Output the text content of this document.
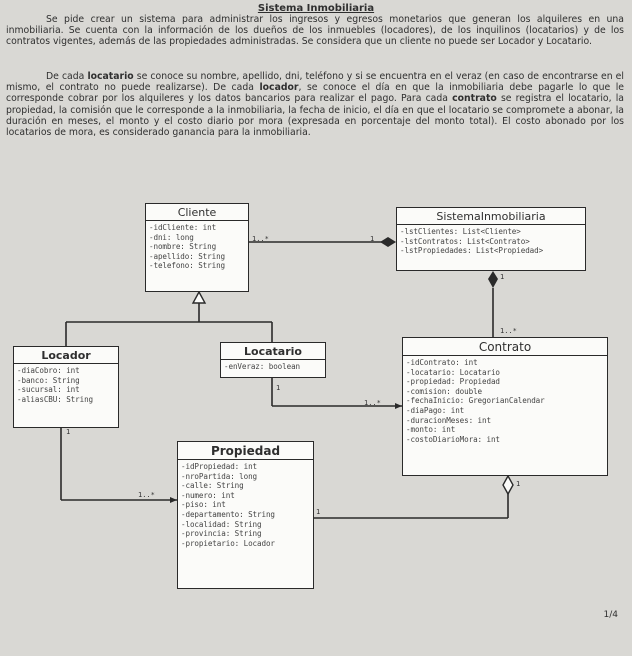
Sistema Inmobiliaria
Se pide crear un sistema para administrar los ingresos y egresos monetarios que generan los alquileres en una inmobiliaria. Se cuenta con la información de los dueños de los inmuebles (locadores), de los inquilinos (locatarios) y de los contratos vigentes, además de las propiedades administradas. Se considera que un cliente no puede ser Locador y Locatario.
De cada locatario se conoce su nombre, apellido, dni, teléfono y si se encuentra en el veraz (en caso de encontrarse en el mismo, el contrato no puede realizarse). De cada locador, se conoce el día en que la inmobiliaria debe pagarle lo que le corresponde cobrar por los alquileres y los datos bancarios para realizar el pago. Para cada contrato se registra el locatario, la propiedad, la comisión que le corresponde a la inmobiliaria, la fecha de inicio, el día en que el locatario se compromete a abonar, la duración en meses, el monto y el costo diario por mora (expresada en porcentaje del monto total). El costo abonado por los locatarios de mora, es considerado ganancia para la inmobiliaria.
Cliente
-idCliente: int
-dni: long
-nombre: String
-apellido: String
-telefono: String
SistemaInmobiliaria
-lstClientes: List<Cliente>
-lstContratos: List<Contrato>
-lstPropiedades: List<Propiedad>
Locador
-diaCobro: int
-banco: String
-sucursal: int
-aliasCBU: String
Locatario
-enVeraz: boolean
Contrato
-idContrato: int
-locatario: Locatario
-propiedad: Propiedad
-comision: double
-fechaInicio: GregorianCalendar
-diaPago: int
-duracionMeses: int
-monto: int
-costoDiarioMora: int
Propiedad
-idPropiedad: int
-nroPartida: long
-calle: String
-numero: int
-piso: int
-departamento: String
-localidad: String
-provincia: String
-propietario: Locador
1..*	1
1
1..*
1
1..*
1
1..*
1
1
1/4
